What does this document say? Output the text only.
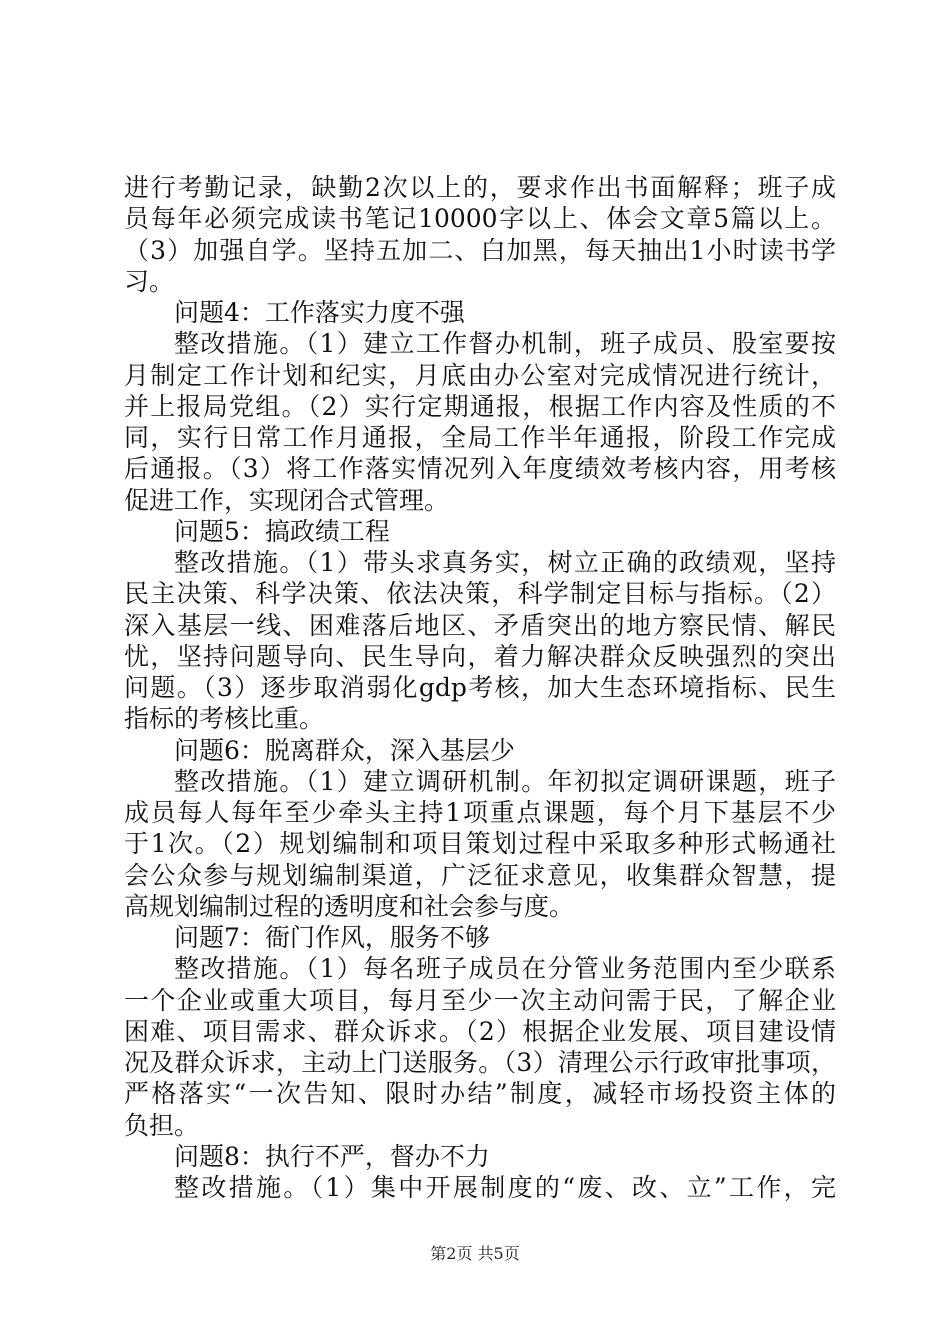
进行考勤记录，缺勤2次以上的，要求作出书面解释；班子成
员每年必须完成读书笔记10000字以上、体会文章5篇以上。
（3）加强自学。坚持五加二、白加黑，每天抽出1小时读书学
习。
问题4：工作落实力度不强
整改措施。（1）建立工作督办机制，班子成员、股室要按
月制定工作计划和纪实，月底由办公室对完成情况进行统计，
并上报局党组。（2）实行定期通报，根据工作内容及性质的不
同，实行日常工作月通报，全局工作半年通报，阶段工作完成
后通报。（3）将工作落实情况列入年度绩效考核内容，用考核
促进工作，实现闭合式管理。
问题5：搞政绩工程
整改措施。（1）带头求真务实，树立正确的政绩观，坚持
民主决策、科学决策、依法决策，科学制定目标与指标。（2）
深入基层一线、困难落后地区、矛盾突出的地方察民情、解民
忧，坚持问题导向、民生导向，着力解决群众反映强烈的突出
问题。（3）逐步取消弱化gdp考核，加大生态环境指标、民生
指标的考核比重。
问题6：脱离群众，深入基层少
整改措施。（1）建立调研机制。年初拟定调研课题，班子
成员每人每年至少牵头主持1项重点课题，每个月下基层不少
于1次。（2）规划编制和项目策划过程中采取多种形式畅通社
会公众参与规划编制渠道，广泛征求意见，收集群众智慧，提
高规划编制过程的透明度和社会参与度。
问题7：衙门作风，服务不够
整改措施。（1）每名班子成员在分管业务范围内至少联系
一个企业或重大项目，每月至少一次主动问需于民，了解企业
困难、项目需求、群众诉求。（2）根据企业发展、项目建设情
况及群众诉求，主动上门送服务。（3）清理公示行政审批事项，
严格落实“一次告知、限时办结”制度，减轻市场投资主体的
负担。
问题8：执行不严，督办不力
整改措施。（1）集中开展制度的“废、改、立”工作，完
第2页 共5页
